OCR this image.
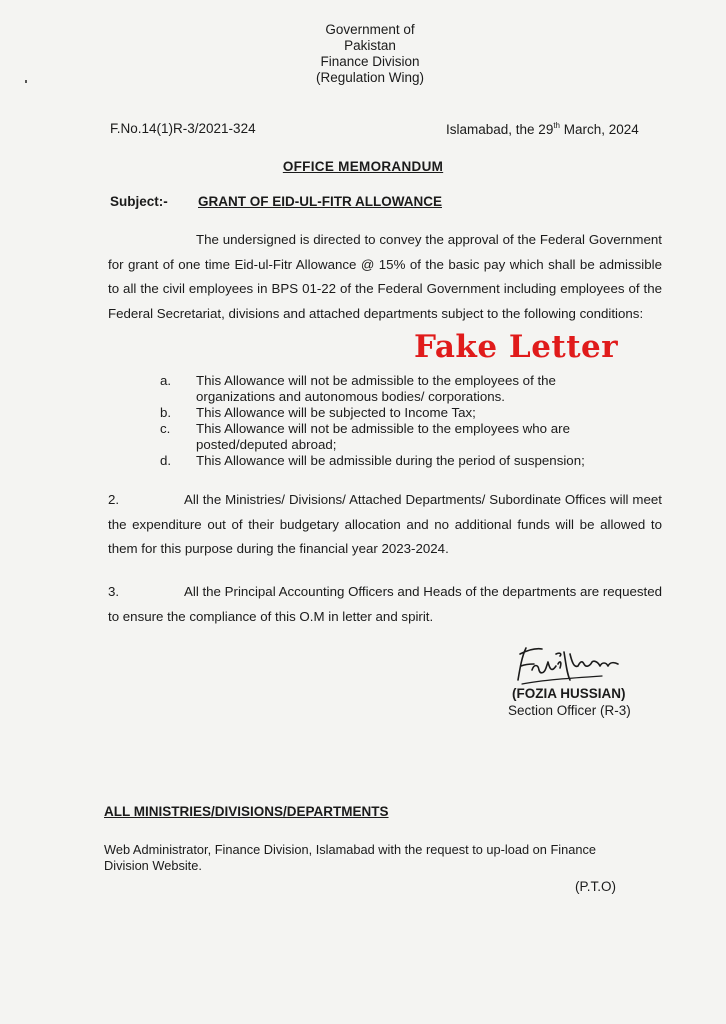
Government of
Pakistan
Finance Division
(Regulation Wing)
F.No.14(1)R-3/2021-324	Islamabad, the 29th March, 2024
OFFICE MEMORANDUM
Subject:- GRANT OF EID-UL-FITR ALLOWANCE
The undersigned is directed to convey the approval of the Federal Government for grant of one time Eid-ul-Fitr Allowance @ 15% of the basic pay which shall be admissible to all the civil employees in BPS 01-22 of the Federal Government including employees of the Federal Secretariat, divisions and attached departments subject to the following conditions:
Fake Letter
a.	This Allowance will not be admissible to the employees of the organizations and autonomous bodies/ corporations.
b.	This Allowance will be subjected to Income Tax;
c.	This Allowance will not be admissible to the employees who are posted/deputed abroad;
d.	This Allowance will be admissible during the period of suspension;
2.	All the Ministries/ Divisions/ Attached Departments/ Subordinate Offices will meet the expenditure out of their budgetary allocation and no additional funds will be allowed to them for this purpose during the financial year 2023-2024.
3.	All the Principal Accounting Officers and Heads of the departments are requested to ensure the compliance of this O.M in letter and spirit.
(FOZIA HUSSIAN)
Section Officer (R-3)
ALL MINISTRIES/DIVISIONS/DEPARTMENTS
Web Administrator, Finance Division, Islamabad with the request to up-load on Finance Division Website.
(P.T.O)
